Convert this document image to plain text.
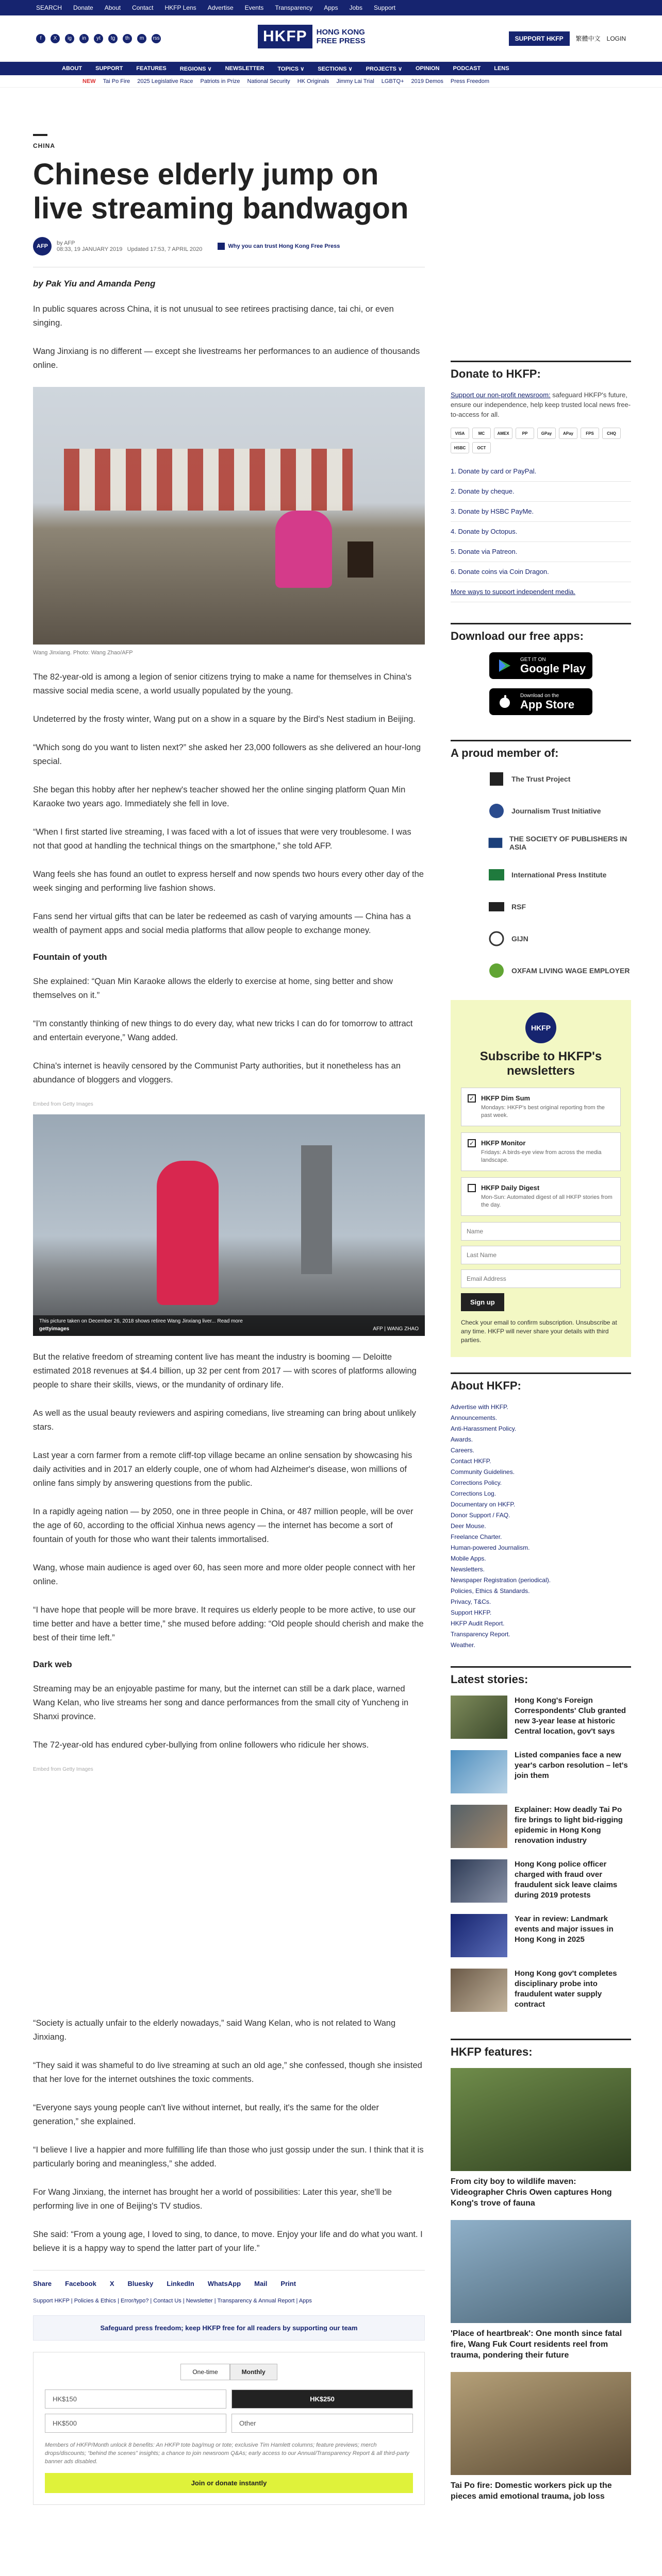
SEARCH Donate About Contact HKFP Lens Advertise Events Transparency Apps Jobs Support
f	X	ig	in	yt	tg	th	m	rss	HKFP	HONG KONG
FREE PRESS	SUPPORT HKFP	繁體中文 LOGIN
ABOUT SUPPORT FEATURES REGIONS ∨ NEWSLETTER TOPICS ∨ SECTIONS ∨ PROJECTS ∨ OPINION PODCAST LENS
NEW Tai Po Fire 2025 Legislative Race Patriots in Prize National Security HK Originals Jimmy Lai Trial LGBTQ+ 2019 Demos Press Freedom
CHINA
Chinese elderly jump on live streaming bandwagon
AFP	by AFP
08:33, 19 JANUARY 2019 Updated 17:53, 7 APRIL 2020	Why you can trust Hong Kong Free Press
by Pak Yiu and Amanda Peng

In public squares across China, it is not unusual to see retirees practising dance, tai chi, or even singing.

Wang Jinxiang is no different — except she livestreams her performances to an audience of thousands online.

Wang Jinxiang. Photo: Wang Zhao/AFP

The 82-year-old is among a legion of senior citizens trying to make a name for themselves in China's massive social media scene, a world usually populated by the young.

Undeterred by the frosty winter, Wang put on a show in a square by the Bird's Nest stadium in Beijing.

“Which song do you want to listen next?” she asked her 23,000 followers as she delivered an hour-long special.

She began this hobby after her nephew's teacher showed her the online singing platform Quan Min Karaoke two years ago. Immediately she fell in love.

“When I first started live streaming, I was faced with a lot of issues that were very troublesome. I was not that good at handling the technical things on the smartphone,” she told AFP.

Wang feels she has found an outlet to express herself and now spends two hours every other day of the week singing and performing live fashion shows.

Fans send her virtual gifts that can be later be redeemed as cash of varying amounts — China has a wealth of payment apps and social media platforms that allow people to exchange money.

Fountain of youth

She explained: “Quan Min Karaoke allows the elderly to exercise at home, sing better and show themselves on it.”

“I'm constantly thinking of new things to do every day, what new tricks I can do for tomorrow to attract and entertain everyone,” Wang added.

China's internet is heavily censored by the Communist Party authorities, but it nonetheless has an abundance of bloggers and vloggers.

Embed from Getty Images
This picture taken on December 26, 2018 shows retiree Wang Jinxiang liver... Read more
gettyimages	AFP | WANG ZHAO

But the relative freedom of streaming content live has meant the industry is booming — Deloitte estimated 2018 revenues at $4.4 billion, up 32 per cent from 2017 — with scores of platforms allowing people to share their skills, views, or the mundanity of ordinary life.

As well as the usual beauty reviewers and aspiring comedians, live streaming can bring about unlikely stars.

Last year a corn farmer from a remote cliff-top village became an online sensation by showcasing his daily activities and in 2017 an elderly couple, one of whom had Alzheimer's disease, won millions of online fans simply by answering questions from the public.

In a rapidly ageing nation — by 2050, one in three people in China, or 487 million people, will be over the age of 60, according to the official Xinhua news agency — the internet has become a sort of fountain of youth for those who want their talents immortalised.

Wang, whose main audience is aged over 60, has seen more and more older people connect with her online.

“I have hope that people will be more brave. It requires us elderly people to be more active, to use our time better and have a better time,” she mused before adding: “Old people should cherish and make the best of their time left.”

Dark web

Streaming may be an enjoyable pastime for many, but the internet can still be a dark place, warned Wang Kelan, who live streams her song and dance performances from the small city of Yuncheng in Shanxi province.

The 72-year-old has endured cyber-bullying from online followers who ridicule her shows.

Embed from Getty Images

“Society is actually unfair to the elderly nowadays,” said Wang Kelan, who is not related to Wang Jinxiang.

“They said it was shameful to do live streaming at such an old age,” she confessed, though she insisted that her love for the internet outshines the toxic comments.

“Everyone says young people can't live without internet, but really, it's the same for the older generation,” she explained.

“I believe I live a happier and more fulfilling life than those who just gossip under the sun. I think that it is particularly boring and meaningless,” she added.

For Wang Jinxiang, the internet has brought her a world of possibilities: Later this year, she'll be performing live in one of Beijing's TV studios.

She said: “From a young age, I loved to sing, to dance, to move. Enjoy your life and do what you want. I believe it is a happy way to spend the latter part of your life.”

Share Facebook X Bluesky LinkedIn WhatsApp Mail Print
Support HKFP | Policies & Ethics | Error/typo? | Contact Us | Newsletter | Transparency & Annual Report | Apps
Safeguard press freedom; keep HKFP free for all readers by supporting our team
One-time	Monthly
HK$150	HK$250
HK$500	Other
Members of HKFP/Month unlock 8 benefits: An HKFP tote bag/mug or tote; exclusive Tim Hamlett columns; feature previews; merch drops/discounts; “behind the scenes” insights; a chance to join newsroom Q&As; early access to our Annual/Transparency Report & all third-party banner ads disabled.
Join or donate instantly
Donate to HKFP:

Support our non-profit newsroom: safeguard HKFP's future, ensure our independence, help keep trusted local news free-to-access for all.

VISA	MC	AMEX	PP	GPay	APay	FPS	CHQ
HSBC	OCT
1. Donate by card or PayPal.
2. Donate by cheque.
3. Donate by HSBC PayMe.
4. Donate by Octopus.
5. Donate via Patreon.
6. Donate coins via Coin Dragon.
More ways to support independent media.
Download our free apps:
GET IT ON
Google Play
Download on the
App Store
A proud member of:
The Trust Project
Journalism Trust Initiative
THE SOCIETY OF PUBLISHERS IN ASIA
International Press Institute
RSF
GIJN
OXFAM LIVING WAGE EMPLOYER
HKFP
Subscribe to HKFP's newsletters
✓ HKFP Dim Sum
Mondays: HKFP's best original reporting from the past week.
✓ HKFP Monitor
Fridays: A birds-eye view from across the media landscape.
HKFP Daily Digest
Mon-Sun: Automated digest of all HKFP stories from the day.
Name Last Name Email Address Sign up
Check your email to confirm subscription. Unsubscribe at any time. HKFP will never share your details with third parties.
About HKFP:
Advertise with HKFP.
Announcements.
Anti-Harassment Policy.
Awards.
Careers.
Contact HKFP.
Community Guidelines.
Corrections Policy.
Corrections Log.
Documentary on HKFP.
Donor Support / FAQ.
Deer Mouse.
Freelance Charter.
Human-powered Journalism.
Mobile Apps.
Newsletters.
Newspaper Registration (periodical).
Policies, Ethics & Standards.
Privacy, T&Cs.
Support HKFP.
HKFP Audit Report.
Transparency Report.
Weather.
Latest stories:
Hong Kong's Foreign Correspondents' Club granted new 3-year lease at historic Central location, gov't says
Listed companies face a new year's carbon resolution – let's join them
Explainer: How deadly Tai Po fire brings to light bid-rigging epidemic in Hong Kong renovation industry
Hong Kong police officer charged with fraud over fraudulent sick leave claims during 2019 protests
Year in review: Landmark events and major issues in Hong Kong in 2025
Hong Kong gov't completes disciplinary probe into fraudulent water supply contract
HKFP features:
From city boy to wildlife maven: Videographer Chris Owen captures Hong Kong's trove of fauna
'Place of heartbreak': One month since fatal fire, Wang Fuk Court residents reel from trauma, pondering their future
Tai Po fire: Domestic workers pick up the pieces amid emotional trauma, job loss
